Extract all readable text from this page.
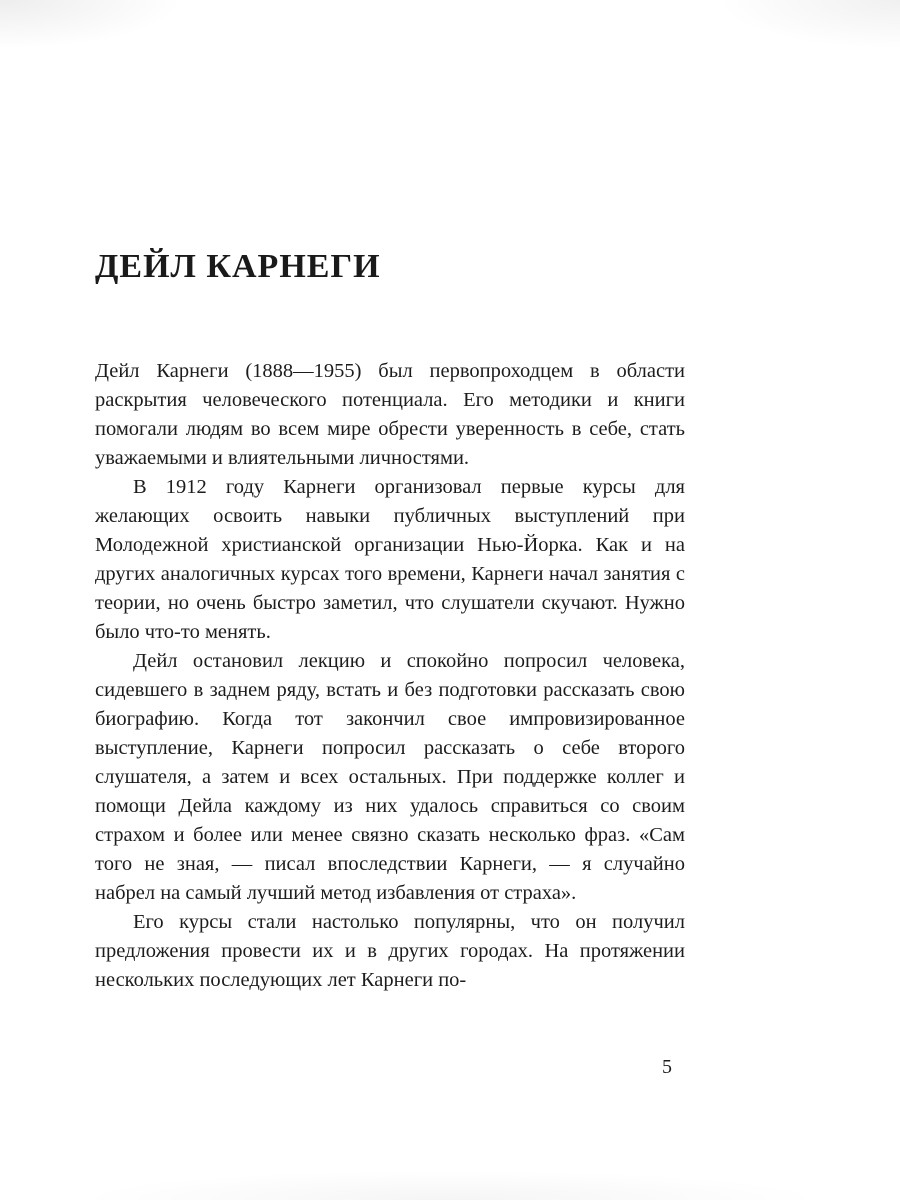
ДЕЙЛ КАРНЕГИ

Дейл Карнеги (1888—1955) был первопроходцем в области раскрытия человеческого потенциала. Его методики и книги помогали людям во всем мире обрести уверенность в себе, стать уважаемыми и влиятельными личностями.

В 1912 году Карнеги организовал первые курсы для желающих освоить навыки публичных выступлений при Молодежной христианской организации Нью-Йорка. Как и на других аналогичных курсах того времени, Карнеги начал занятия с теории, но очень быстро заметил, что слушатели скучают. Нужно было что-то менять.

Дейл остановил лекцию и спокойно попросил человека, сидевшего в заднем ряду, встать и без подготовки рассказать свою биографию. Когда тот закончил свое импровизированное выступление, Карнеги попросил рассказать о себе второго слушателя, а затем и всех остальных. При поддержке коллег и помощи Дейла каждому из них удалось справиться со своим страхом и более или менее связно сказать несколько фраз. «Сам того не зная, — писал впоследствии Карнеги, — я случайно набрел на самый лучший метод избавления от страха».

Его курсы стали настолько популярны, что он получил предложения провести их и в других городах. На протяжении нескольких последующих лет Карнеги по-

5
